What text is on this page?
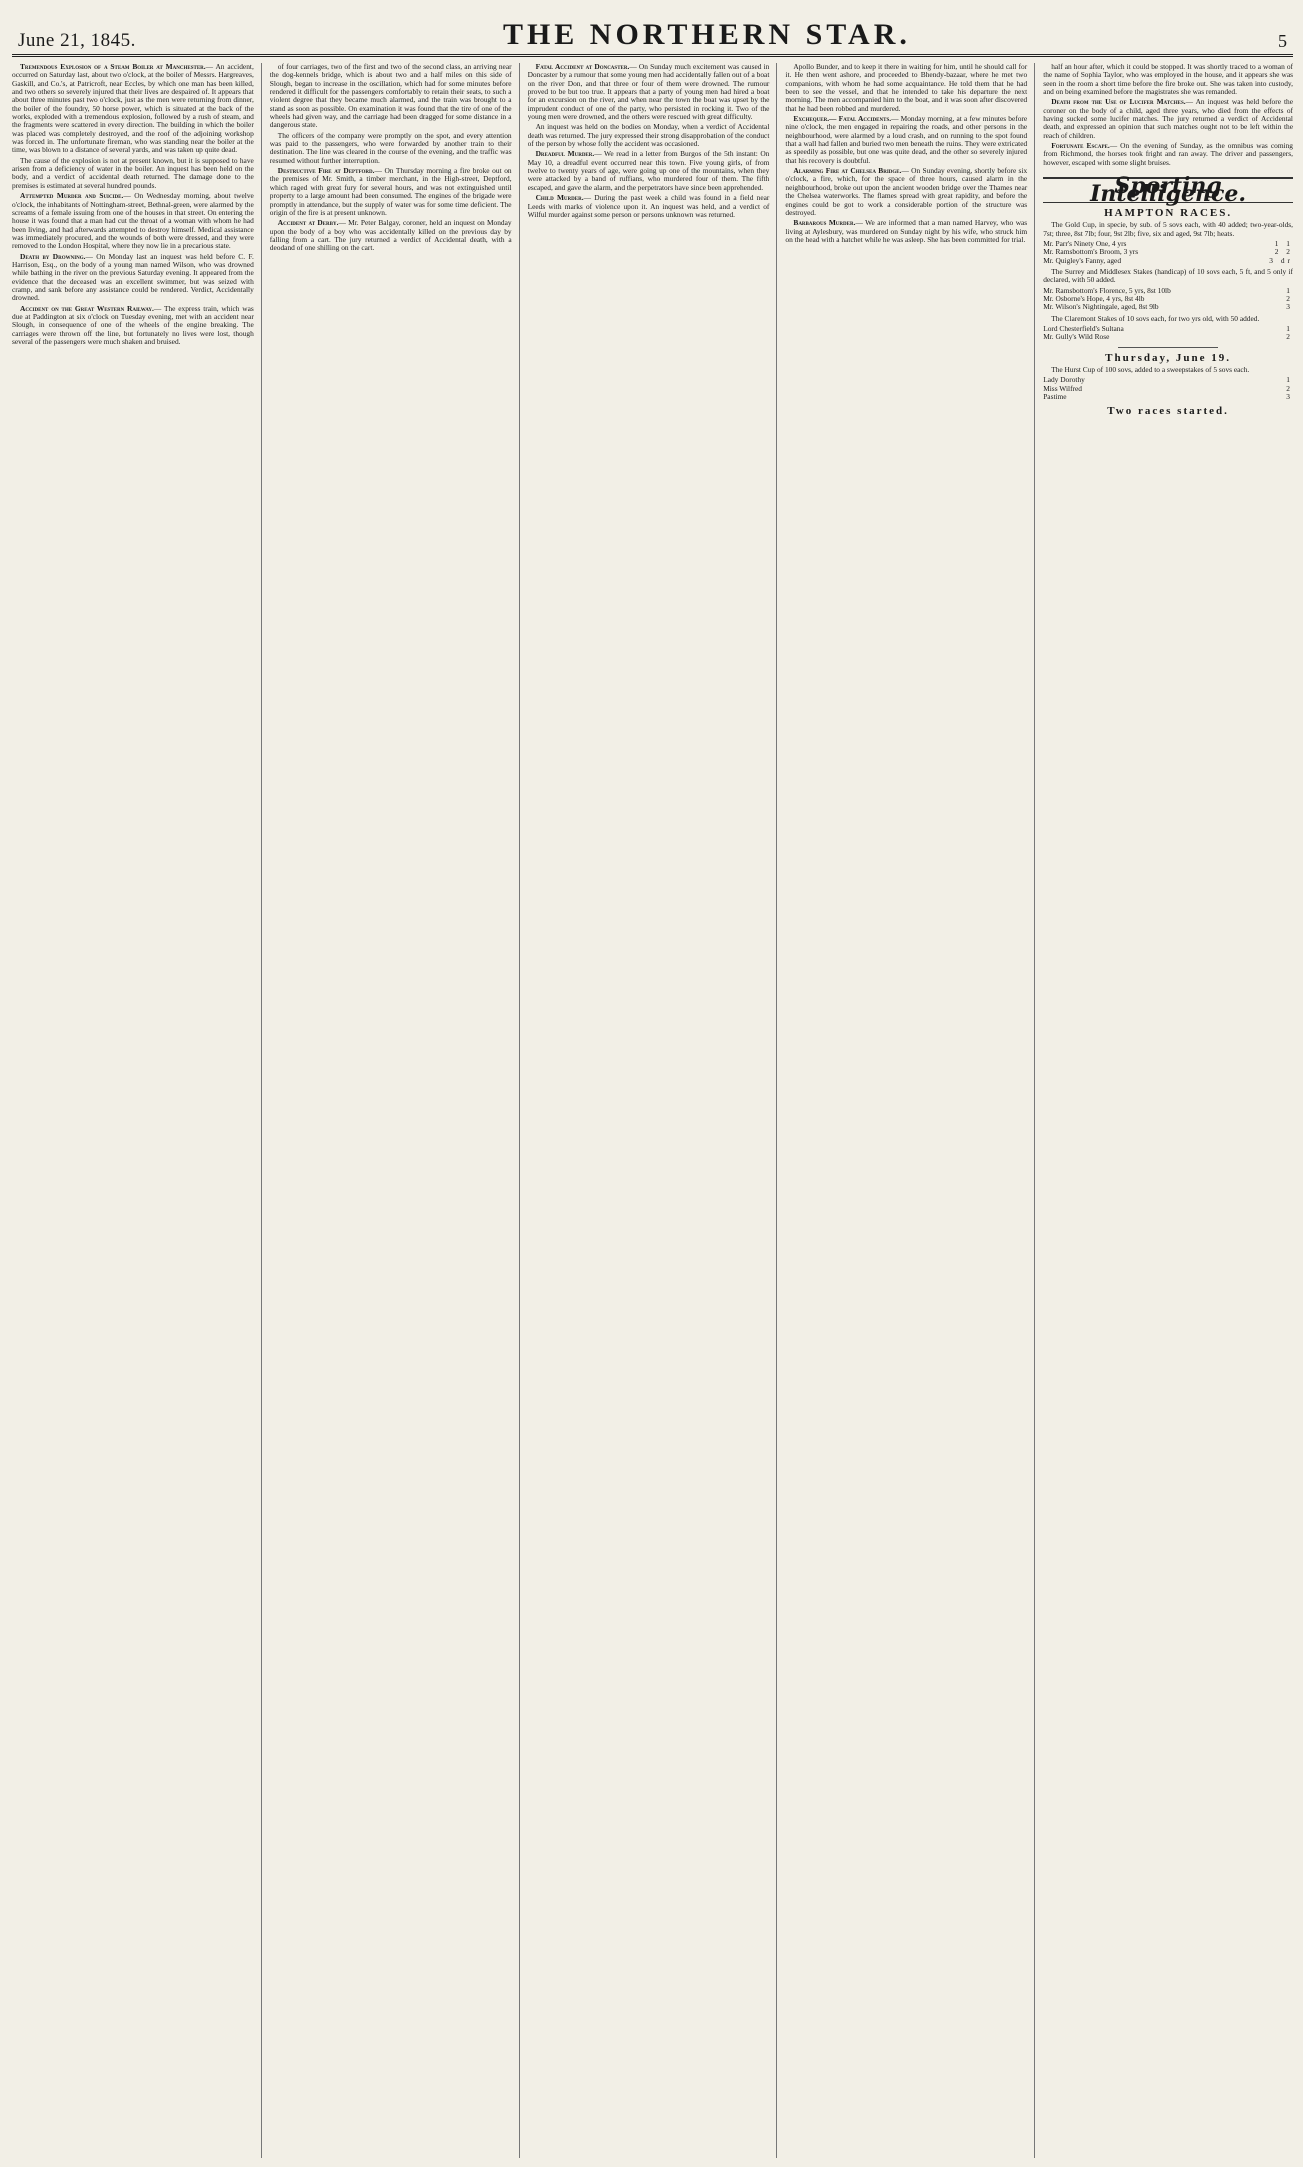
June 21, 1845.	THE NORTHERN STAR.	5

Tremendous Explosion of a Steam Boiler at Manchester.— An accident, occurred on Saturday last, about two o'clock, at the boiler of Messrs. Hargreaves, Gaskill, and Co.'s, at Patricroft, near Eccles, by which one man has been killed, and two others so severely injured that their lives are despaired of. It appears that about three minutes past two o'clock, just as the men were returning from dinner, the boiler of the foundry, 50 horse power, which is situated at the back of the works, exploded with a tremendous explosion, followed by a rush of steam, and the fragments were scattered in every direction. The building in which the boiler was placed was completely destroyed, and the roof of the adjoining workshop was forced in. The unfortunate fireman, who was standing near the boiler at the time, was blown to a distance of several yards, and was taken up quite dead.

The cause of the explosion is not at present known, but it is supposed to have arisen from a deficiency of water in the boiler. An inquest has been held on the body, and a verdict of accidental death returned. The damage done to the premises is estimated at several hundred pounds.

Attempted Murder and Suicide.— On Wednesday morning, about twelve o'clock, the inhabitants of Nottingham-street, Bethnal-green, were alarmed by the screams of a female issuing from one of the houses in that street. On entering the house it was found that a man had cut the throat of a woman with whom he had been living, and had afterwards attempted to destroy himself. Medical assistance was immediately procured, and the wounds of both were dressed, and they were removed to the London Hospital, where they now lie in a precarious state.

Death by Drowning.— On Monday last an inquest was held before C. F. Harrison, Esq., on the body of a young man named Wilson, who was drowned while bathing in the river on the previous Saturday evening. It appeared from the evidence that the deceased was an excellent swimmer, but was seized with cramp, and sank before any assistance could be rendered. Verdict, Accidentally drowned.

Accident on the Great Western Railway.— The express train, which was due at Paddington at six o'clock on Tuesday evening, met with an accident near Slough, in consequence of one of the wheels of the engine breaking. The carriages were thrown off the line, but fortunately no lives were lost, though several of the passengers were much shaken and bruised.

of four carriages, two of the first and two of the second class, an arriving near the dog-kennels bridge, which is about two and a half miles on this side of Slough, began to increase in the oscillation, which had for some minutes before rendered it difficult for the passengers comfortably to retain their seats, to such a violent degree that they became much alarmed, and the train was brought to a stand as soon as possible. On examination it was found that the tire of one of the wheels had given way, and the carriage had been dragged for some distance in a dangerous state.

The officers of the company were promptly on the spot, and every attention was paid to the passengers, who were forwarded by another train to their destination. The line was cleared in the course of the evening, and the traffic was resumed without further interruption.

Destructive Fire at Deptford.— On Thursday morning a fire broke out on the premises of Mr. Smith, a timber merchant, in the High-street, Deptford, which raged with great fury for several hours, and was not extinguished until property to a large amount had been consumed. The engines of the brigade were promptly in attendance, but the supply of water was for some time deficient. The origin of the fire is at present unknown.

Accident at Derby.— Mr. Peter Balgay, coroner, held an inquest on Monday upon the body of a boy who was accidentally killed on the previous day by falling from a cart. The jury returned a verdict of Accidental death, with a deodand of one shilling on the cart.

Fatal Accident at Doncaster.— On Sunday much excitement was caused in Doncaster by a rumour that some young men had accidentally fallen out of a boat on the river Don, and that three or four of them were drowned. The rumour proved to be but too true. It appears that a party of young men had hired a boat for an excursion on the river, and when near the town the boat was upset by the imprudent conduct of one of the party, who persisted in rocking it. Two of the young men were drowned, and the others were rescued with great difficulty.

An inquest was held on the bodies on Monday, when a verdict of Accidental death was returned. The jury expressed their strong disapprobation of the conduct of the person by whose folly the accident was occasioned.

Dreadful Murder.— We read in a letter from Burgos of the 5th instant: On May 10, a dreadful event occurred near this town. Five young girls, of from twelve to twenty years of age, were going up one of the mountains, when they were attacked by a band of ruffians, who murdered four of them. The fifth escaped, and gave the alarm, and the perpetrators have since been apprehended.

Child Murder.— During the past week a child was found in a field near Leeds with marks of violence upon it. An inquest was held, and a verdict of Wilful murder against some person or persons unknown was returned.

Apollo Bunder, and to keep it there in waiting for him, until he should call for it. He then went ashore, and proceeded to Bhendy-bazaar, where he met two companions, with whom he had some acquaintance. He told them that he had been to see the vessel, and that he intended to take his departure the next morning. The men accompanied him to the boat, and it was soon after discovered that he had been robbed and murdered.

Exchequer.— Fatal Accidents.— Monday morning, at a few minutes before nine o'clock, the men engaged in repairing the roads, and other persons in the neighbourhood, were alarmed by a loud crash, and on running to the spot found that a wall had fallen and buried two men beneath the ruins. They were extricated as speedily as possible, but one was quite dead, and the other so severely injured that his recovery is doubtful.

Alarming Fire at Chelsea Bridge.— On Sunday evening, shortly before six o'clock, a fire, which, for the space of three hours, caused alarm in the neighbourhood, broke out upon the ancient wooden bridge over the Thames near the Chelsea waterworks. The flames spread with great rapidity, and before the engines could be got to work a considerable portion of the structure was destroyed.

Barbarous Murder.— We are informed that a man named Harvey, who was living at Aylesbury, was murdered on Sunday night by his wife, who struck him on the head with a hatchet while he was asleep. She has been committed for trial.

half an hour after, which it could be stopped. It was shortly traced to a woman of the name of Sophia Taylor, who was employed in the house, and it appears she was seen in the room a short time before the fire broke out. She was taken into custody, and on being examined before the magistrates she was remanded.

Death from the Use of Lucifer Matches.— An inquest was held before the coroner on the body of a child, aged three years, who died from the effects of having sucked some lucifer matches. The jury returned a verdict of Accidental death, and expressed an opinion that such matches ought not to be left within the reach of children.

Fortunate Escape.— On the evening of Sunday, as the omnibus was coming from Richmond, the horses took fright and ran away. The driver and passengers, however, escaped with some slight bruises.

Sporting Intelligence.
HAMPTON RACES.

The Gold Cup, in specie, by sub. of 5 sovs each, with 40 added; two-year-olds, 7st; three, 8st 7lb; four, 9st 2lb; five, six and aged, 9st 7lb; heats.

Mr. Parr's Ninety One, 4 yrs	1 1
Mr. Ramsbottom's Broom, 3 yrs	2 2
Mr. Quigley's Fanny, aged	3 dr

The Surrey and Middlesex Stakes (handicap) of 10 sovs each, 5 ft, and 5 only if declared, with 50 added.

Mr. Ramsbottom's Florence, 5 yrs, 8st 10lb	1
Mr. Osborne's Hope, 4 yrs, 8st 4lb	2
Mr. Wilson's Nightingale, aged, 8st 9lb	3

The Claremont Stakes of 10 sovs each, for two yrs old, with 50 added.

Lord Chesterfield's Sultana	1
Mr. Gully's Wild Rose	2
Thursday, June 19.

The Hurst Cup of 100 sovs, added to a sweepstakes of 5 sovs each.

Lady Dorothy	1
Miss Wilfred	2
Pastime	3
Two races started.
